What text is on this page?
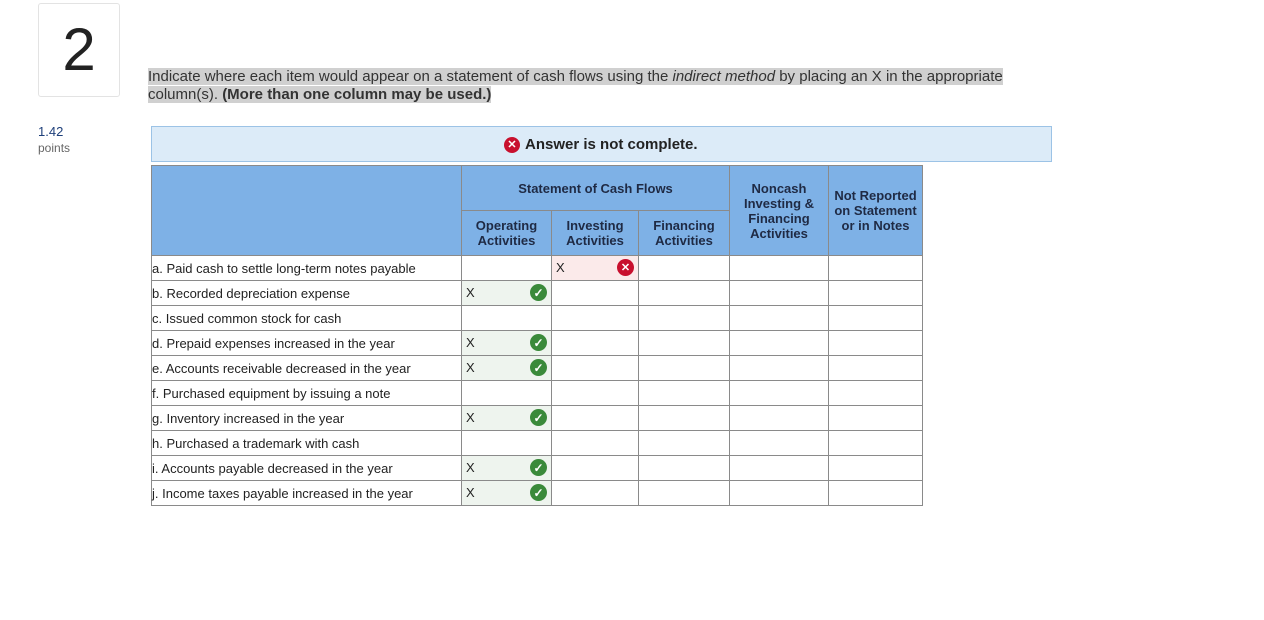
2
1.42
points
Indicate where each item would appear on a statement of cash flows using the indirect method by placing an X in the appropriate column(s). (More than one column may be used.)
✕ Answer is not complete.
	Statement of Cash Flows			Noncash Investing & Financing Activities	Not Reported on Statement or in Notes
	Operating Activities	Investing Activities	Financing Activities		
a. Paid cash to settle long-term notes payable		X ✕			

b. Recorded depreciation expense	X ✓				

c. Issued common stock for cash	

d. Prepaid expenses increased in the year	X ✓				

e. Accounts receivable decreased in the year	X ✓				

f. Purchased equipment by issuing a note	

g. Inventory increased in the year	X ✓				

h. Purchased a trademark with cash	

i. Accounts payable decreased in the year	X ✓				

j. Income taxes payable increased in the year	X ✓				
